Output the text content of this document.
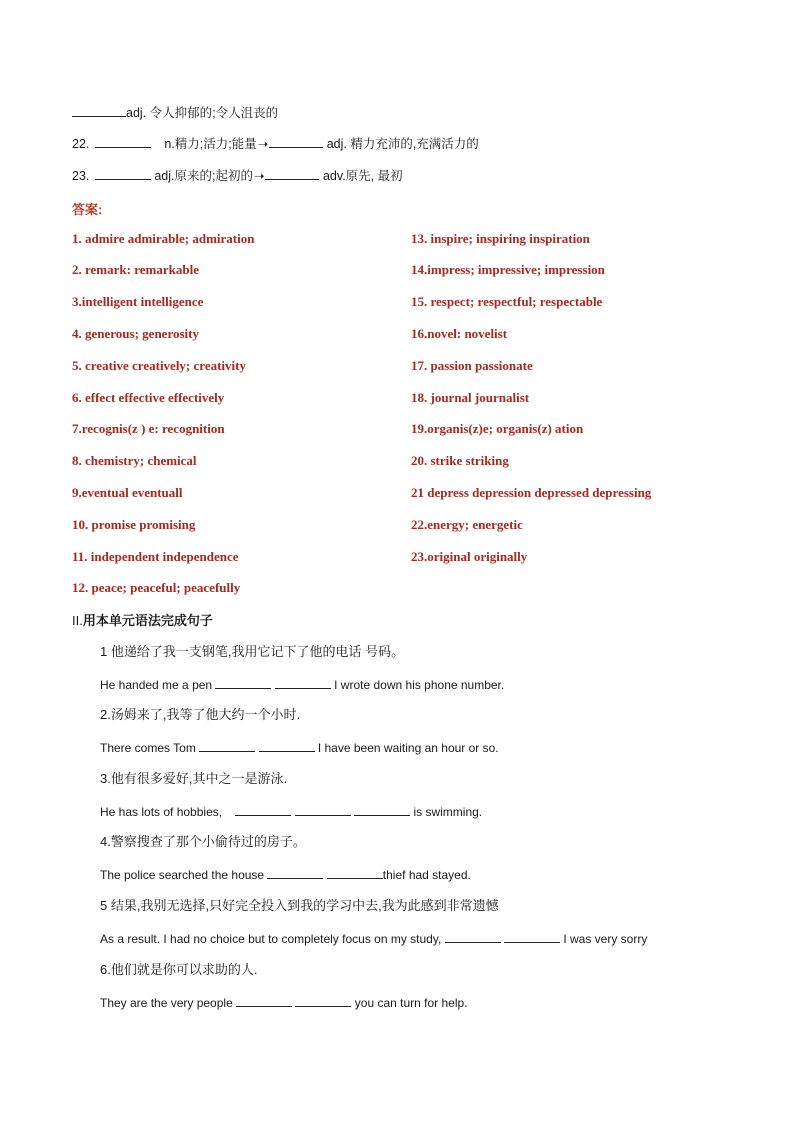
adj. 令人抑郁的;令人沮丧的
22.	n.精力;活力;能量➝	adj. 精力充沛的,充满活力的
23.	adj.原来的;起初的➝	adv.原先, 最初
答案:
1. admire admirable; admiration
2. remark: remarkable
3.intelligent intelligence
4. generous; generosity
5. creative creatively; creativity
6. effect effective effectively
7.recognis(z ) e: recognition
8. chemistry; chemical
9.eventual eventuall
10. promise promising
11. independent independence
12. peace; peaceful; peacefully
13. inspire; inspiring inspiration
14.impress; impressive; impression
15. respect; respectful; respectable
16.novel: novelist
17. passion passionate
18. journal journalist
19.organis(z)e; organis(z) ation
20. strike striking
21 depress depression depressed depressing
22.energy; energetic
23.original originally
II.用本单元语法完成句子
1 他递给了我一支钢笔,我用它记下了他的电话 号码。
He handed me a pen	I wrote down his phone number.
2.汤姆来了,我等了他大约一个小时.
There comes Tom	I have been waiting an hour or so.
3.他有很多爱好,其中之一是游泳.
He has lots of hobbies,	is swimming.
4.警察搜查了那个小偷待过的房子。
The police searched the house	thief had stayed.
5 结果,我别无选择,只好完全投入到我的学习中去,我为此感到非常遗憾
As a result. I had no choice but to completely focus on my study,	I was very sorry
6.他们就是你可以求助的人.
They are the very people	you can turn for help.
